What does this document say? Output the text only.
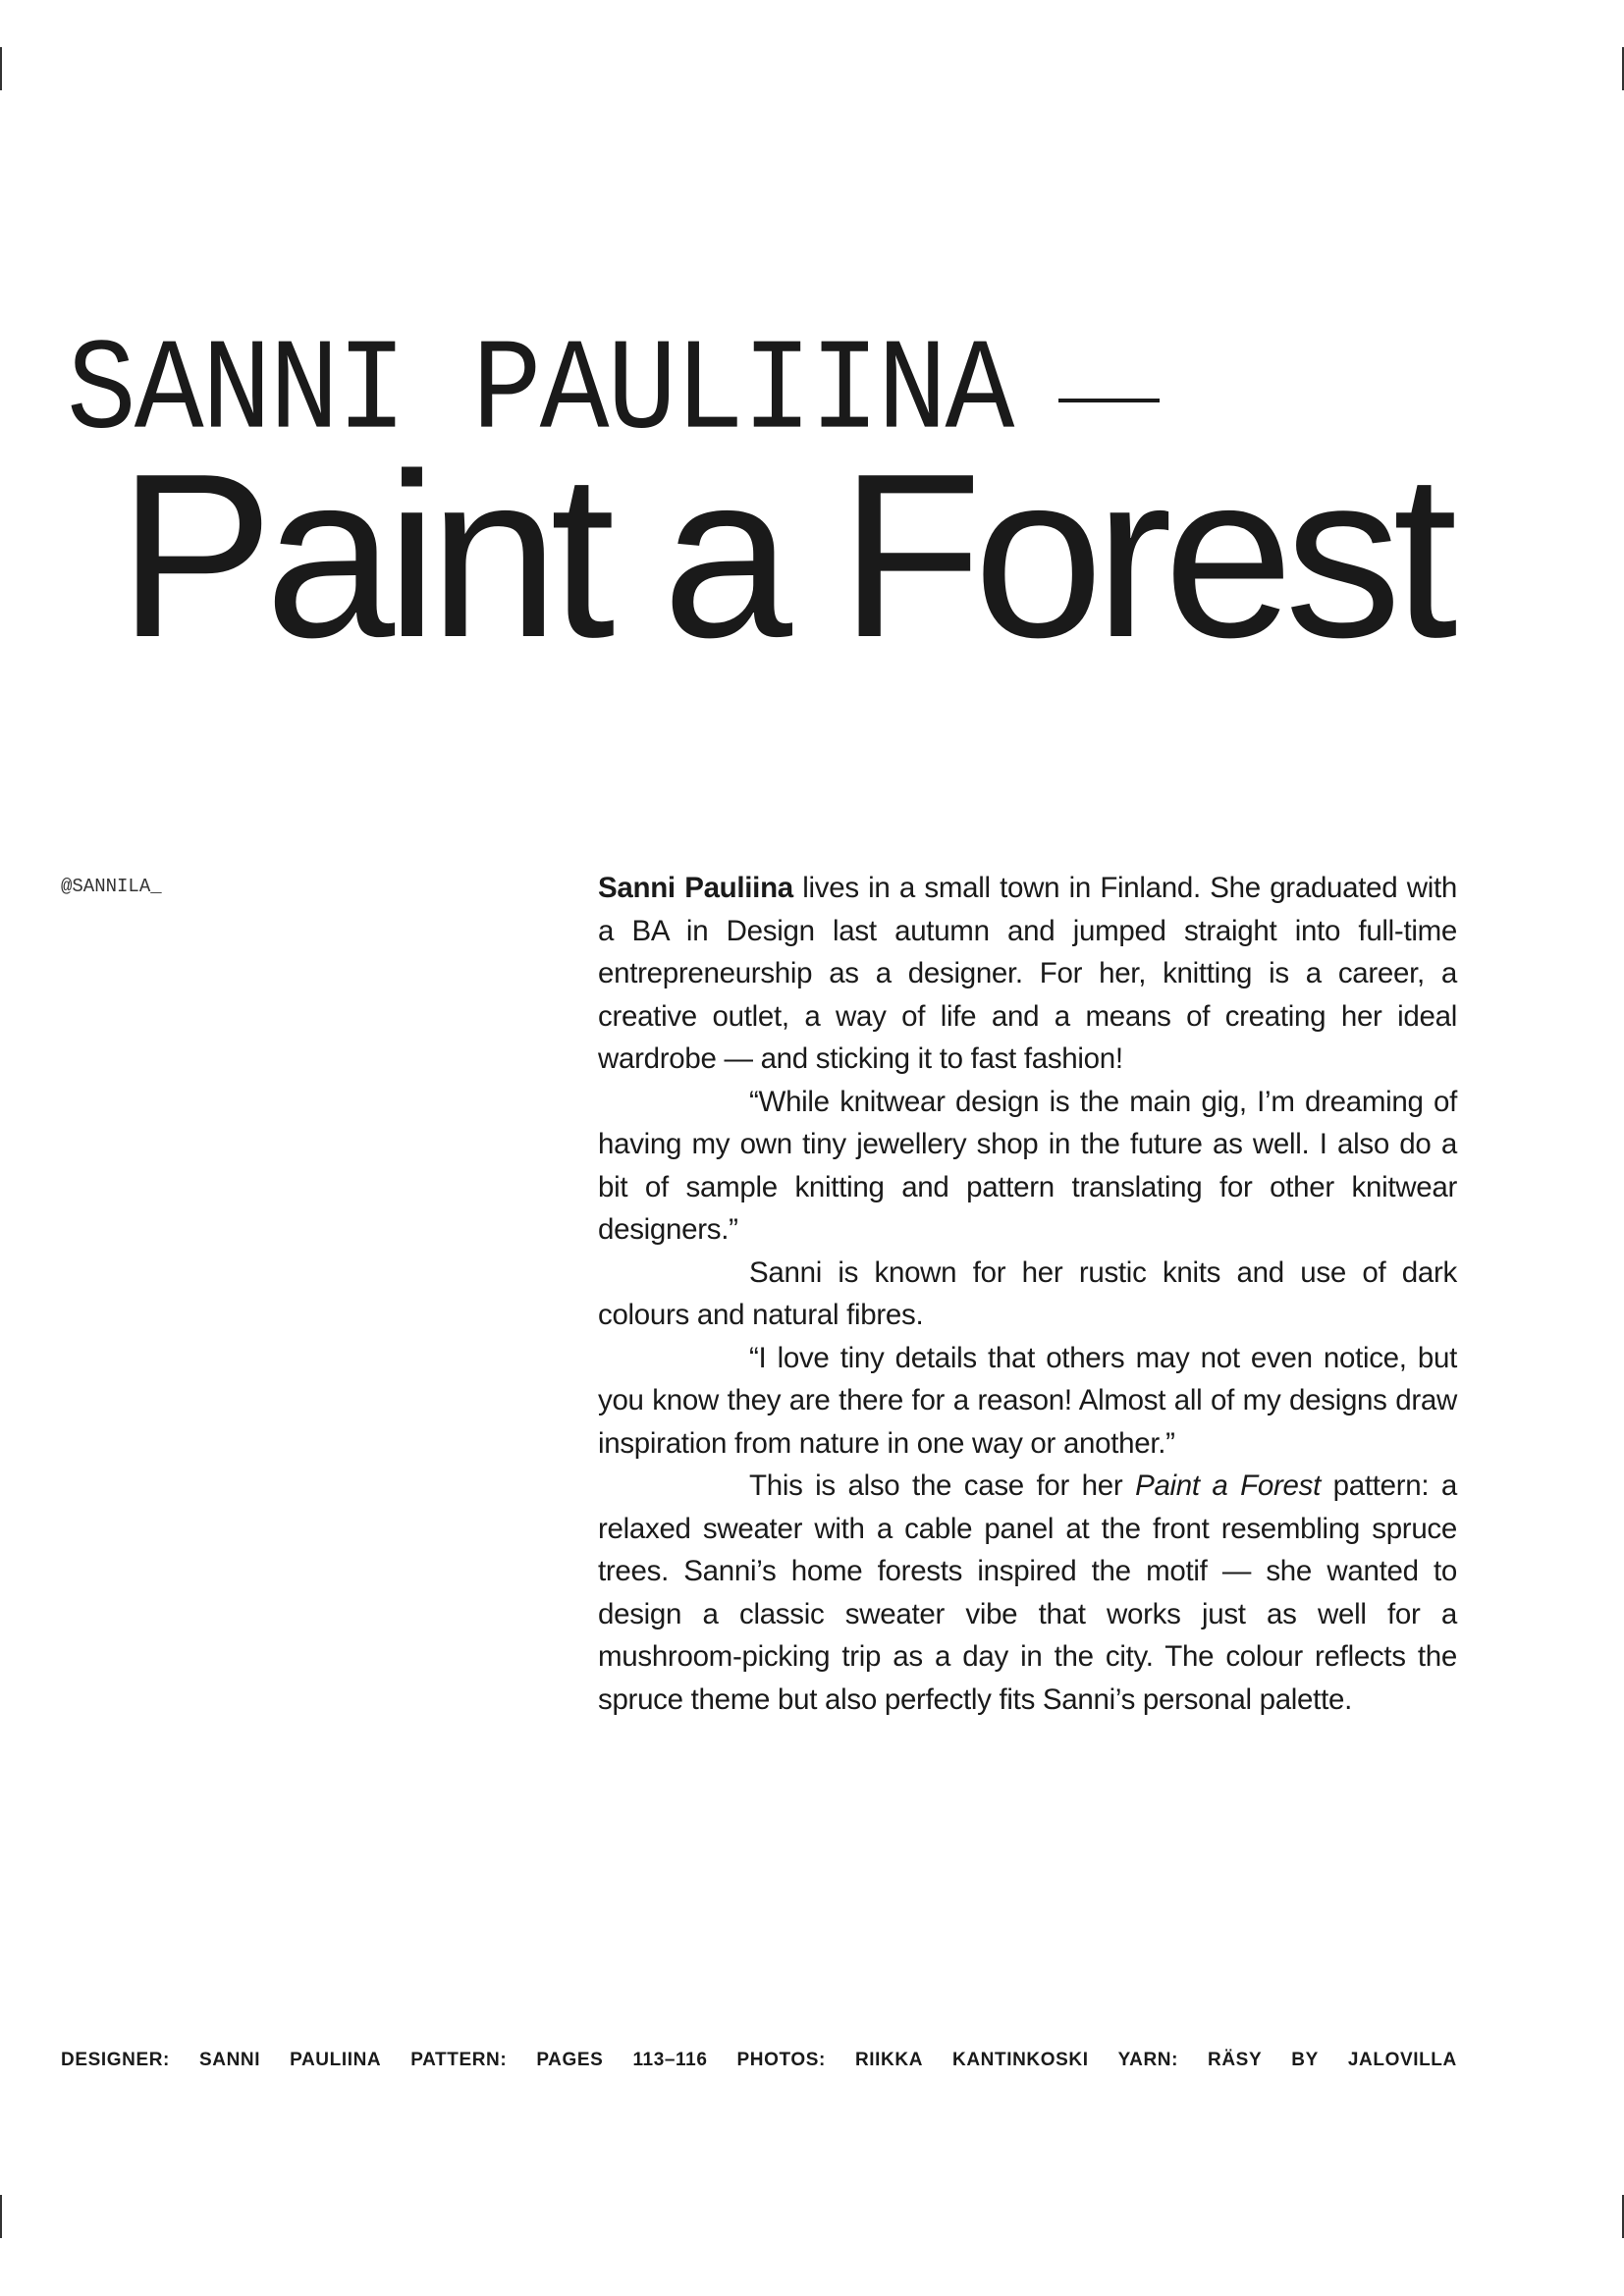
SANNI PAULIINA
Paint a Forest
@SANNILA_	Sanni Pauliina lives in a small town in Finland. She graduated with a BA in Design last autumn and jumped straight into full-time entrepreneurship as a designer. For her, knitting is a career, a creative outlet, a way of life and a means of creating her ideal wardrobe — and sticking it to fast fashion!

“While knitwear design is the main gig, I’m dreaming of having my own tiny jewellery shop in the future as well. I also do a bit of sample knitting and pattern translating for other knitwear designers.”

Sanni is known for her rustic knits and use of dark colours and natural fibres.

“I love tiny details that others may not even notice, but you know they are there for a reason! Almost all of my designs draw inspiration from nature in one way or another.”

This is also the case for her Paint a Forest pattern: a relaxed sweater with a cable panel at the front resembling spruce trees. Sanni’s home forests inspired the motif — she wanted to design a classic sweater vibe that works just as well for a mushroom-picking trip as a day in the city. The colour reflects the spruce theme but also perfectly fits Sanni’s personal palette.

DESIGNER: SANNI PAULIINA PATTERN: PAGES 113–116 PHOTOS: RIIKKA KANTINKOSKI YARN: RÄSY BY JALOVILLA
